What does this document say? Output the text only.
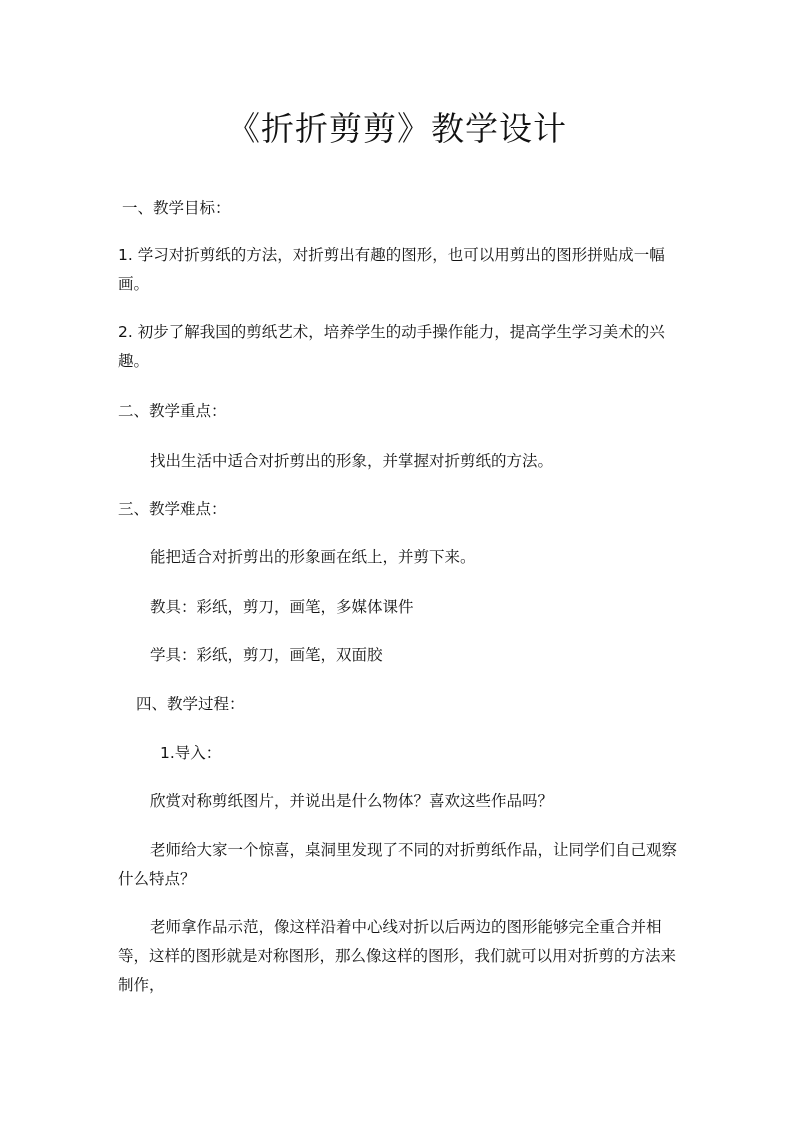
《折折剪剪》教学设计

一、教学目标：

1. 学习对折剪纸的方法，对折剪出有趣的图形，也可以用剪出的图形拼贴成一幅画。

2. 初步了解我国的剪纸艺术，培养学生的动手操作能力，提高学生学习美术的兴趣。

二、教学重点：

找出生活中适合对折剪出的形象，并掌握对折剪纸的方法。

三、教学难点：

能把适合对折剪出的形象画在纸上，并剪下来。

教具：彩纸，剪刀，画笔，多媒体课件

学具：彩纸，剪刀，画笔，双面胶

四、教学过程：

1.导入：

欣赏对称剪纸图片，并说出是什么物体？喜欢这些作品吗？

老师给大家一个惊喜，桌洞里发现了不同的对折剪纸作品，让同学们自己观察什么特点？

老师拿作品示范，像这样沿着中心线对折以后两边的图形能够完全重合并相等，这样的图形就是对称图形，那么像这样的图形，我们就可以用对折剪的方法来制作，
